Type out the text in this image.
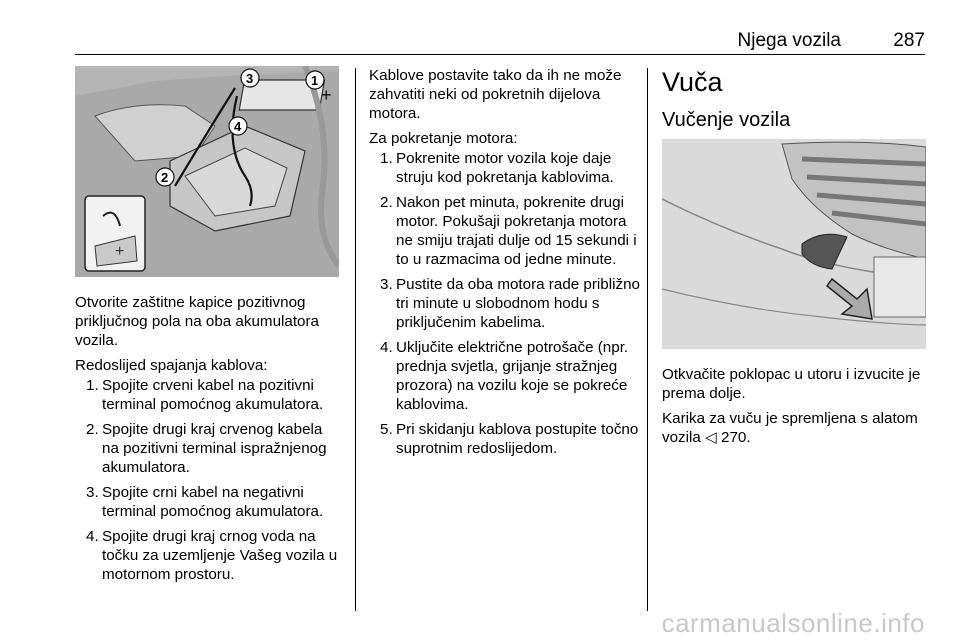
Njega vozila	287
+
1
2
3
4
+

Otvorite zaštitne kapice pozitivnog priključnog pola na oba akumulatora vozila.

Redoslijed spajanja kablova:

1. Spojite crveni kabel na pozitivni terminal pomoćnog akumulatora.
2. Spojite drugi kraj crvenog kabela na pozitivni terminal ispražnjenog akumulatora.
3. Spojite crni kabel na negativni terminal pomoćnog akumulatora.
4. Spojite drugi kraj crnog voda na točku za uzemljenje Vašeg vozila u motornom prostoru.

Kablove postavite tako da ih ne može zahvatiti neki od pokretnih dijelova motora.

Za pokretanje motora:

1. Pokrenite motor vozila koje daje struju kod pokretanja kablovima.
2. Nakon pet minuta, pokrenite drugi motor. Pokušaji pokretanja motora ne smiju trajati dulje od 15 sekundi i to u razmacima od jedne minute.
3. Pustite da oba motora rade približno tri minute u slobodnom hodu s priključenim kabelima.
4. Uključite električne potrošače (npr. prednja svjetla, grijanje stražnjeg prozora) na vozilu koje se pokreće kablovima.
5. Pri skidanju kablova postupite točno suprotnim redoslijedom.
Vuča
Vučenje vozila

Otkvačite poklopac u utoru i izvucite je prema dolje.

Karika za vuču je spremljena s alatom vozila ◁ 270.

carmanualsonline.info
